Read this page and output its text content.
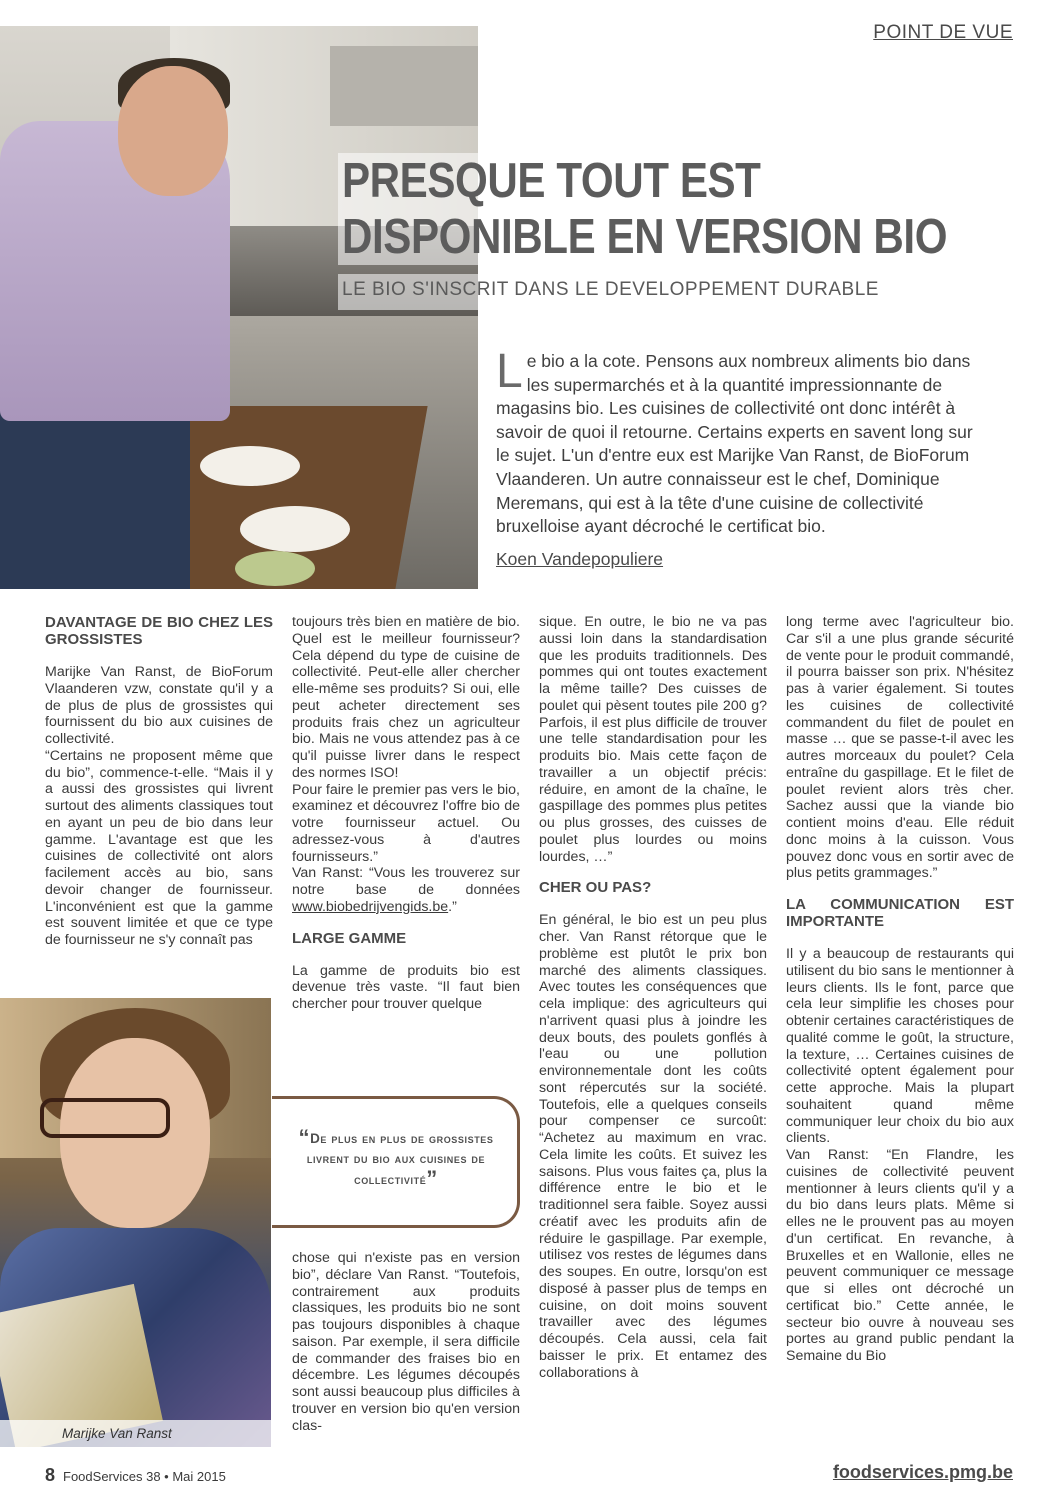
POINT DE VUE
PRESQUE TOUT EST
DISPONIBLE EN VERSION BIO
LE BIO S'INSCRIT DANS LE DEVELOPPEMENT DURABLE
Le bio a la cote. Pensons aux nombreux aliments bio dans les supermarchés et à la quantité impressionnante de magasins bio. Les cuisines de collectivité ont donc intérêt à savoir de quoi il retourne. Certains experts en savent long sur le sujet. L'un d'entre eux est Marijke Van Ranst, de BioForum Vlaanderen. Un autre connaisseur est le chef, Dominique Meremans, qui est à la tête d'une cuisine de collectivité bruxelloise ayant décroché le certificat bio.
Koen Vandepopuliere
DAVANTAGE DE BIO CHEZ LES GROSSISTES

Marijke Van Ranst, de BioForum Vlaanderen vzw, constate qu'il y a de plus de plus de grossistes qui fournissent du bio aux cuisines de collectivité.

“Certains ne proposent même que du bio”, commence-t-elle. “Mais il y a aussi des grossistes qui livrent surtout des aliments classiques tout en ayant un peu de bio dans leur gamme. L'avantage est que les cuisines de collectivité ont alors facilement accès au bio, sans devoir changer de fournisseur. L'inconvénient est que la gamme est souvent limitée et que ce type de fournisseur ne s'y connaît pas

toujours très bien en matière de bio. Quel est le meilleur fournisseur? Cela dépend du type de cuisine de collectivité. Peut-elle aller chercher elle-même ses produits? Si oui, elle peut acheter directement ses produits frais chez un agriculteur bio. Mais ne vous attendez pas à ce qu'il puisse livrer dans le respect des normes ISO!

Pour faire le premier pas vers le bio, examinez et découvrez l'offre bio de votre fournisseur actuel. Ou adressez-vous à d'autres fournisseurs.”

Van Ranst: “Vous les trouverez sur notre base de données www.biobedrijvengids.be.”

LARGE GAMME

La gamme de produits bio est devenue très vaste. “Il faut bien chercher pour trouver quelque

chose qui n'existe pas en version bio”, déclare Van Ranst. “Toutefois, contrairement aux produits classiques, les produits bio ne sont pas toujours disponibles à chaque saison. Par exemple, il sera difficile de commander des fraises bio en décembre. Les légumes découpés sont aussi beaucoup plus difficiles à trouver en version bio qu'en version clas-

sique. En outre, le bio ne va pas aussi loin dans la standardisation que les produits traditionnels. Des pommes qui ont toutes exactement la même taille? Des cuisses de poulet qui pèsent toutes pile 200 g? Parfois, il est plus difficile de trouver une telle standardisation pour les produits bio. Mais cette façon de travailler a un objectif précis: réduire, en amont de la chaîne, le gaspillage des pommes plus petites ou plus grosses, des cuisses de poulet plus lourdes ou moins lourdes, …”

CHER OU PAS?

En général, le bio est un peu plus cher. Van Ranst rétorque que le problème est plutôt le prix bon marché des aliments classiques. Avec toutes les conséquences que cela implique: des agriculteurs qui n'arrivent quasi plus à joindre les deux bouts, des poulets gonflés à l'eau ou une pollution environnementale dont les coûts sont répercutés sur la société. Toutefois, elle a quelques conseils pour compenser ce surcoût: “Achetez au maximum en vrac. Cela limite les coûts. Et suivez les saisons. Plus vous faites ça, plus la différence entre le bio et le traditionnel sera faible. Soyez aussi créatif avec les produits afin de réduire le gaspillage. Par exemple, utilisez vos restes de légumes dans des soupes. En outre, lorsqu'on est disposé à passer plus de temps en cuisine, on doit moins souvent travailler avec des légumes découpés. Cela aussi, cela fait baisser le prix. Et entamez des collaborations à

long terme avec l'agriculteur bio. Car s'il a une plus grande sécurité de vente pour le produit commandé, il pourra baisser son prix. N'hésitez pas à varier également. Si toutes les cuisines de collectivité commandent du filet de poulet en masse … que se passe-t-il avec les autres morceaux du poulet? Cela entraîne du gaspillage. Et le filet de poulet revient alors très cher. Sachez aussi que la viande bio contient moins d'eau. Elle réduit donc moins à la cuisson. Vous pouvez donc vous en sortir avec de plus petits grammages.”

LA COMMUNICATION EST IMPORTANTE

Il y a beaucoup de restaurants qui utilisent du bio sans le mentionner à leurs clients. Ils le font, parce que cela leur simplifie les choses pour obtenir certaines caractéristiques de qualité comme le goût, la structure, la texture, … Certaines cuisines de collectivité optent également pour cette approche. Mais la plupart souhaitent quand même communiquer leur choix du bio aux clients.

Van Ranst: “En Flandre, les cuisines de collectivité peuvent mentionner à leurs clients qu'il y a du bio dans leurs plats. Même si elles ne le prouvent pas au moyen d'un certificat. En revanche, à Bruxelles et en Wallonie, elles ne peuvent communiquer ce message que si elles ont décroché un certificat bio.” Cette année, le secteur bio ouvre à nouveau ses portes au grand public pendant la Semaine du Bio

Marijke Van Ranst
“De plus en plus de grossistes livrent du bio aux cuisines de collectivité”
8 FoodServices 38 • Mai 2015	foodservices.pmg.be
